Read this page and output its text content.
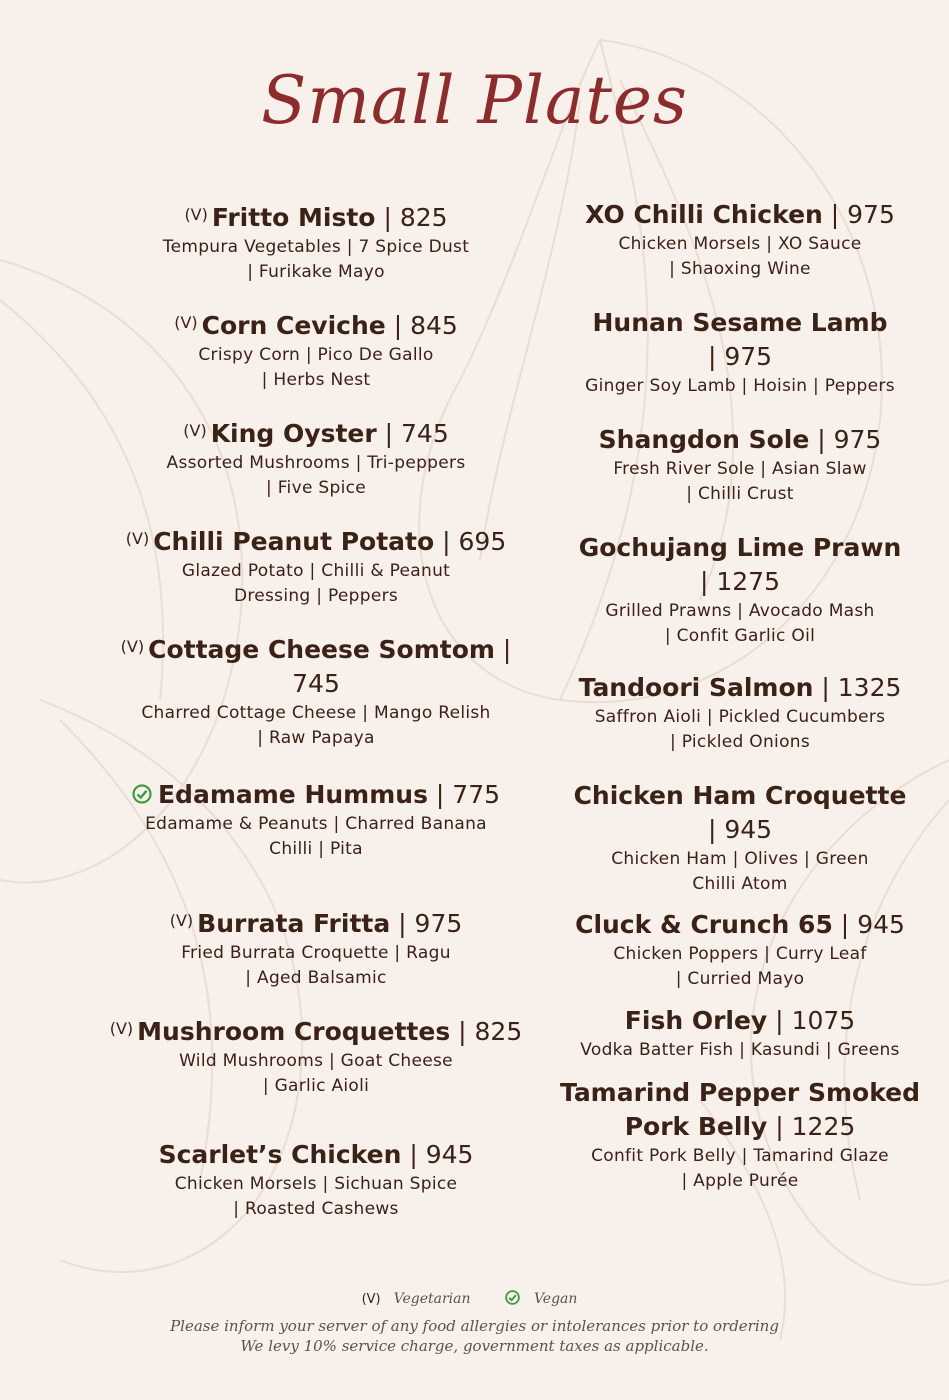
Small Plates
$^{(V)}$ Fritto Misto | 825
Tempura Vegetables | 7 Spice Dust
| Furikake Mayo
$^{(V)}$ Corn Ceviche | 845
Crispy Corn | Pico De Gallo
| Herbs Nest
$^{(V)}$ King Oyster | 745
Assorted Mushrooms | Tri-peppers
| Five Spice
$^{(V)}$ Chilli Peanut Potato | 695
Glazed Potato | Chilli & Peanut
Dressing | Peppers
$^{(V)}$ Cottage Cheese Somtom | 745
Charred Cottage Cheese | Mango Relish
| Raw Papaya
Edamame Hummus | 775
Edamame & Peanuts | Charred Banana
Chilli | Pita
$^{(V)}$ Burrata Fritta | 975
Fried Burrata Croquette | Ragu
| Aged Balsamic
$^{(V)}$ Mushroom Croquettes | 825
Wild Mushrooms | Goat Cheese
| Garlic Aioli
Scarlet’s Chicken | 945
Chicken Morsels | Sichuan Spice
| Roasted Cashews
XO Chilli Chicken | 975
Chicken Morsels | XO Sauce
| Shaoxing Wine
Hunan Sesame Lamb | 975
Ginger Soy Lamb | Hoisin | Peppers
Shangdon Sole | 975
Fresh River Sole | Asian Slaw
| Chilli Crust
Gochujang Lime Prawn
| 1275
Grilled Prawns | Avocado Mash
| Confit Garlic Oil
Tandoori Salmon | 1325
Saffron Aioli | Pickled Cucumbers
| Pickled Onions
Chicken Ham Croquette
| 945
Chicken Ham | Olives | Green
Chilli Atom
Cluck & Crunch 65 | 945
Chicken Poppers | Curry Leaf
| Curried Mayo
Fish Orley | 1075
Vodka Batter Fish | Kasundi | Greens
Tamarind Pepper Smoked Pork Belly | 1225
Confit Pork Belly | Tamarind Glaze
| Apple Purée
(V) Vegetarian	Vegan
Please inform your server of any food allergies or intolerances prior to ordering
We levy 10% service charge, government taxes as applicable.
